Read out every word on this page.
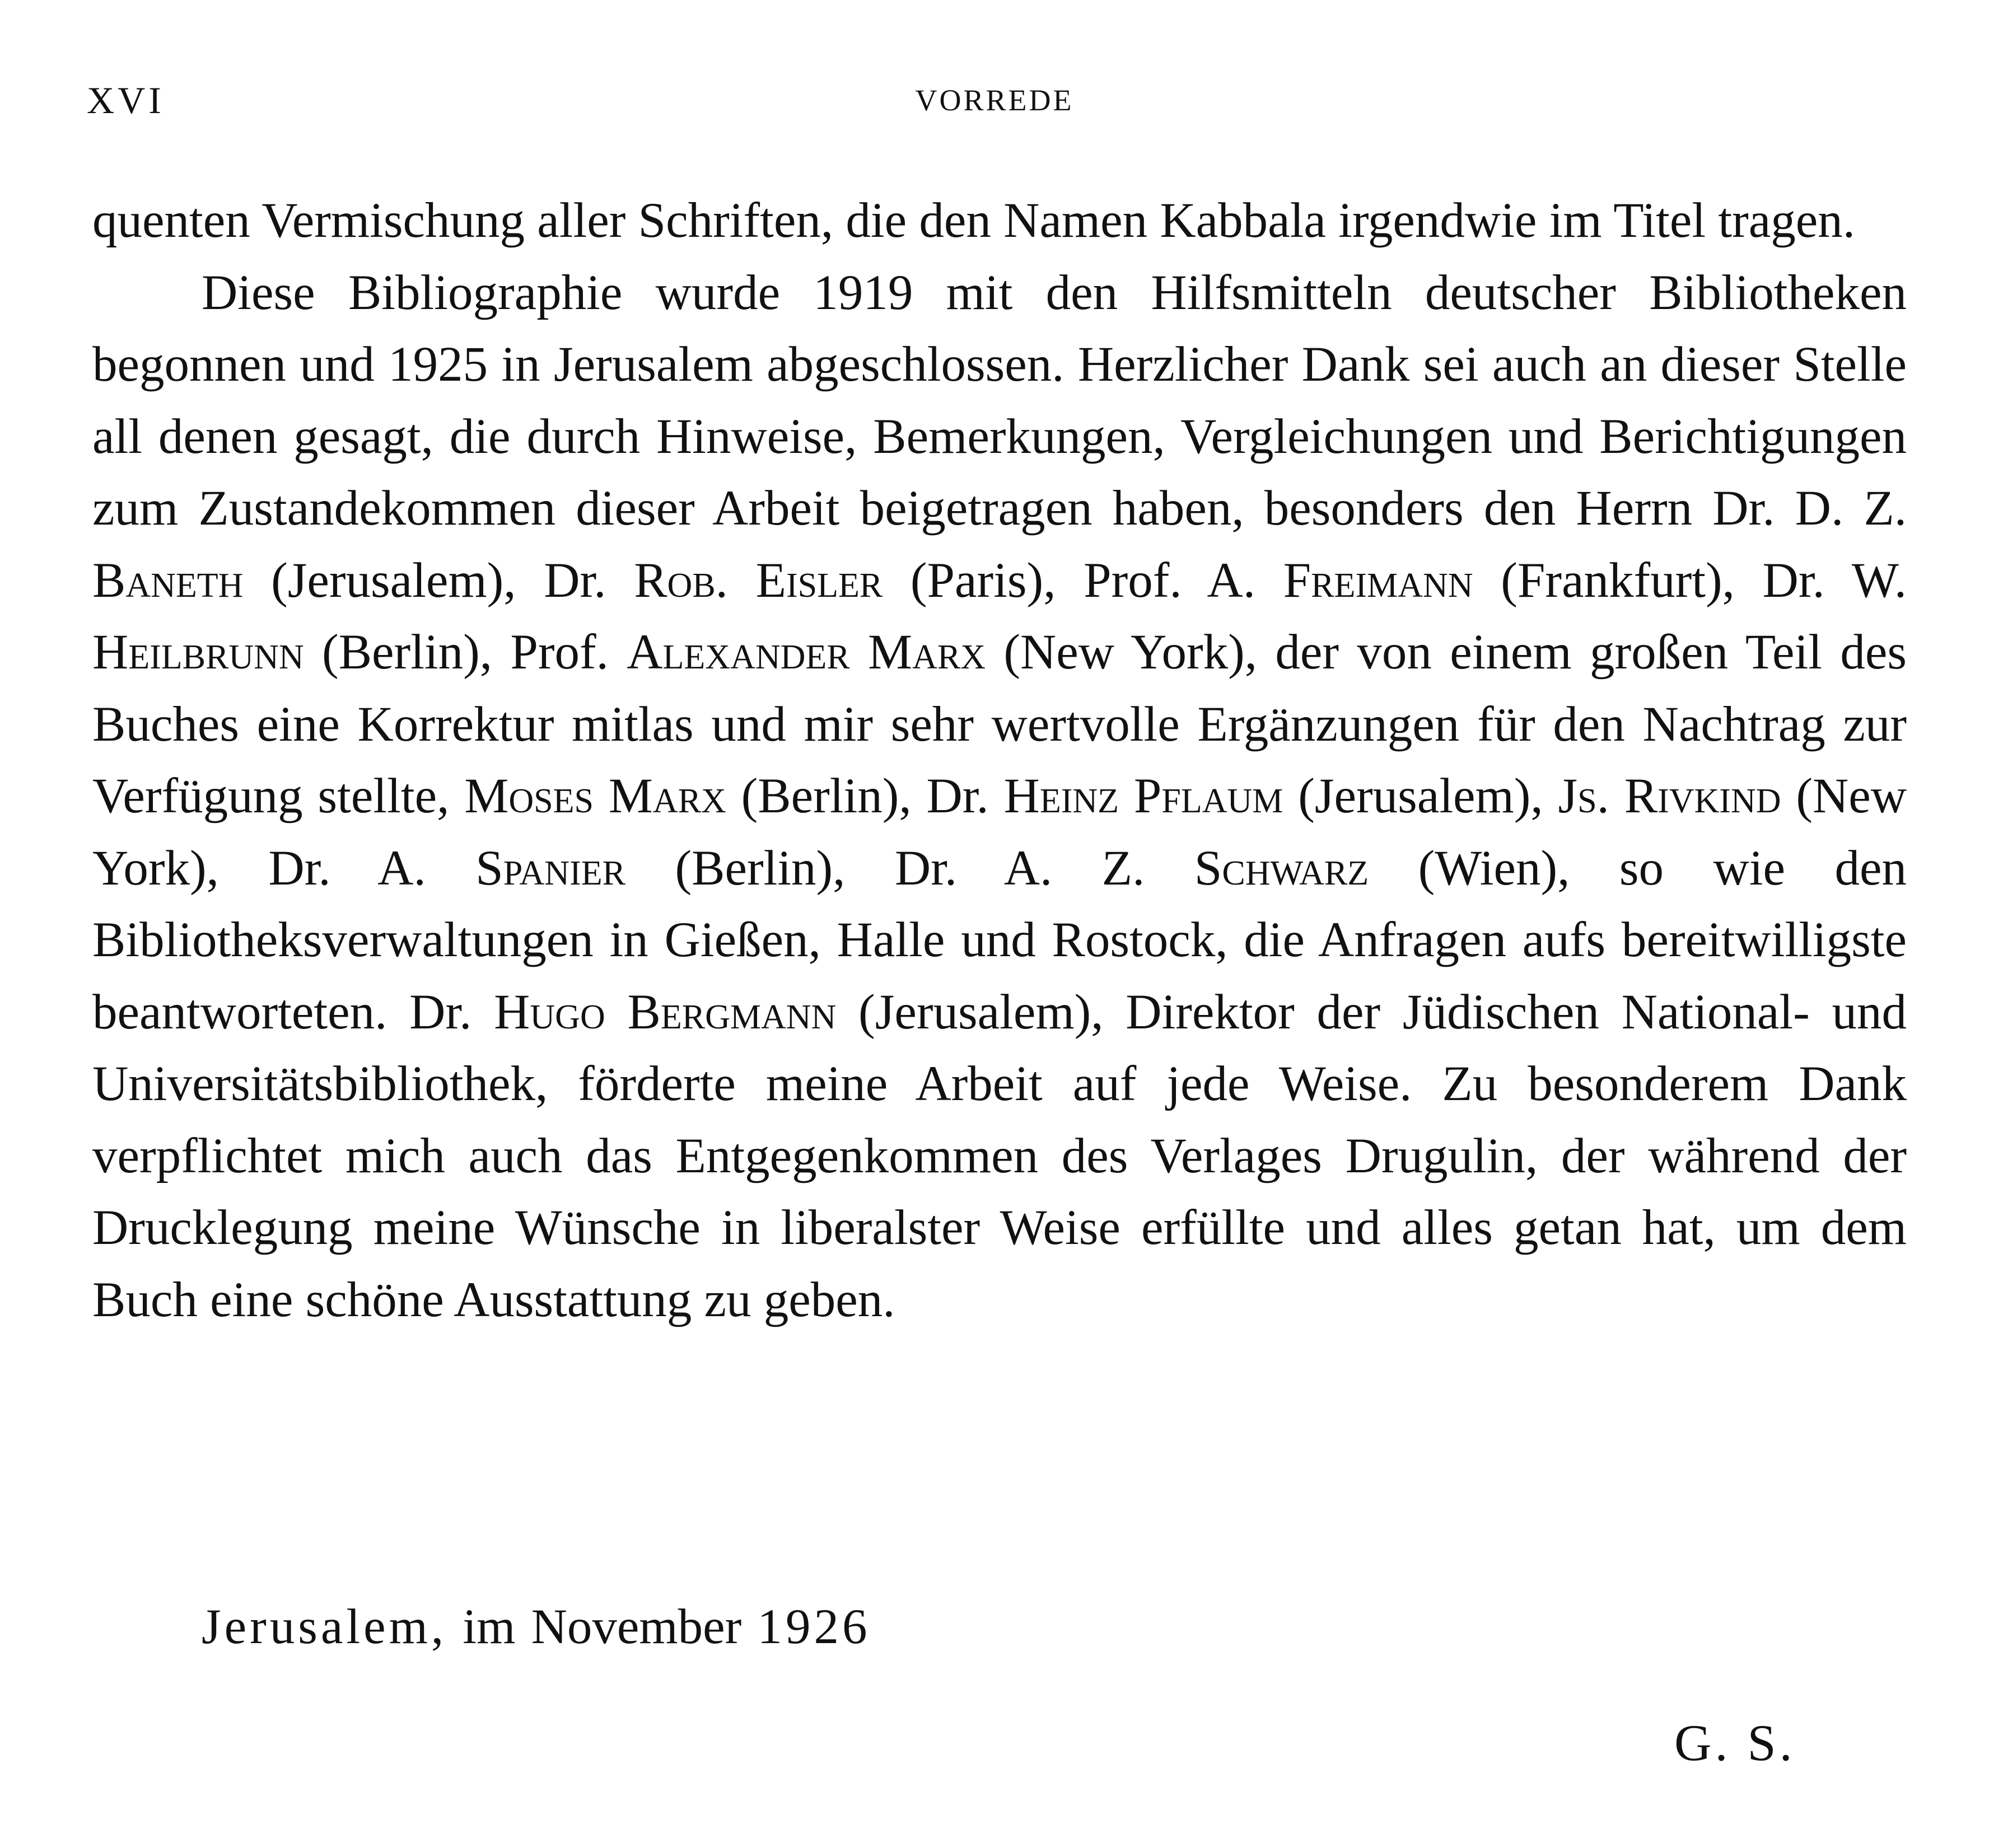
XVI	VORREDE

quenten Vermischung aller Schriften, die den Namen Kabbala irgendwie im Titel tragen.

Diese Bibliographie wurde 1919 mit den Hilfsmitteln deutscher Bibliotheken begonnen und 1925 in Jerusalem abgeschlossen. Herzlicher Dank sei auch an dieser Stelle all denen gesagt, die durch Hinweise, Bemerkungen, Vergleichungen und Berichtigungen zum Zustandekommen dieser Arbeit beigetragen haben, besonders den Herrn Dr. D. Z. Baneth (Jerusalem), Dr. Rob. Eisler (Paris), Prof. A. Freimann (Frankfurt), Dr. W. Heilbrunn (Berlin), Prof. Alexander Marx (New York), der von einem großen Teil des Buches eine Korrektur mitlas und mir sehr wertvolle Ergänzungen für den Nachtrag zur Verfügung stellte, Moses Marx (Berlin), Dr. Heinz Pflaum (Jerusalem), Js. Rivkind (New York), Dr. A. Spanier (Berlin), Dr. A. Z. Schwarz (Wien), so wie den Bibliotheksverwaltungen in Gießen, Halle und Rostock, die Anfragen aufs bereitwilligste beantworteten. Dr. Hugo Bergmann (Jerusalem), Direktor der Jüdischen National- und Universitätsbibliothek, förderte meine Arbeit auf jede Weise. Zu besonderem Dank verpflichtet mich auch das Entgegenkommen des Verlages Drugulin, der während der Drucklegung meine Wünsche in liberalster Weise erfüllte und alles getan hat, um dem Buch eine schöne Ausstattung zu geben.

Jerusalem, im November 1926
G. S.
